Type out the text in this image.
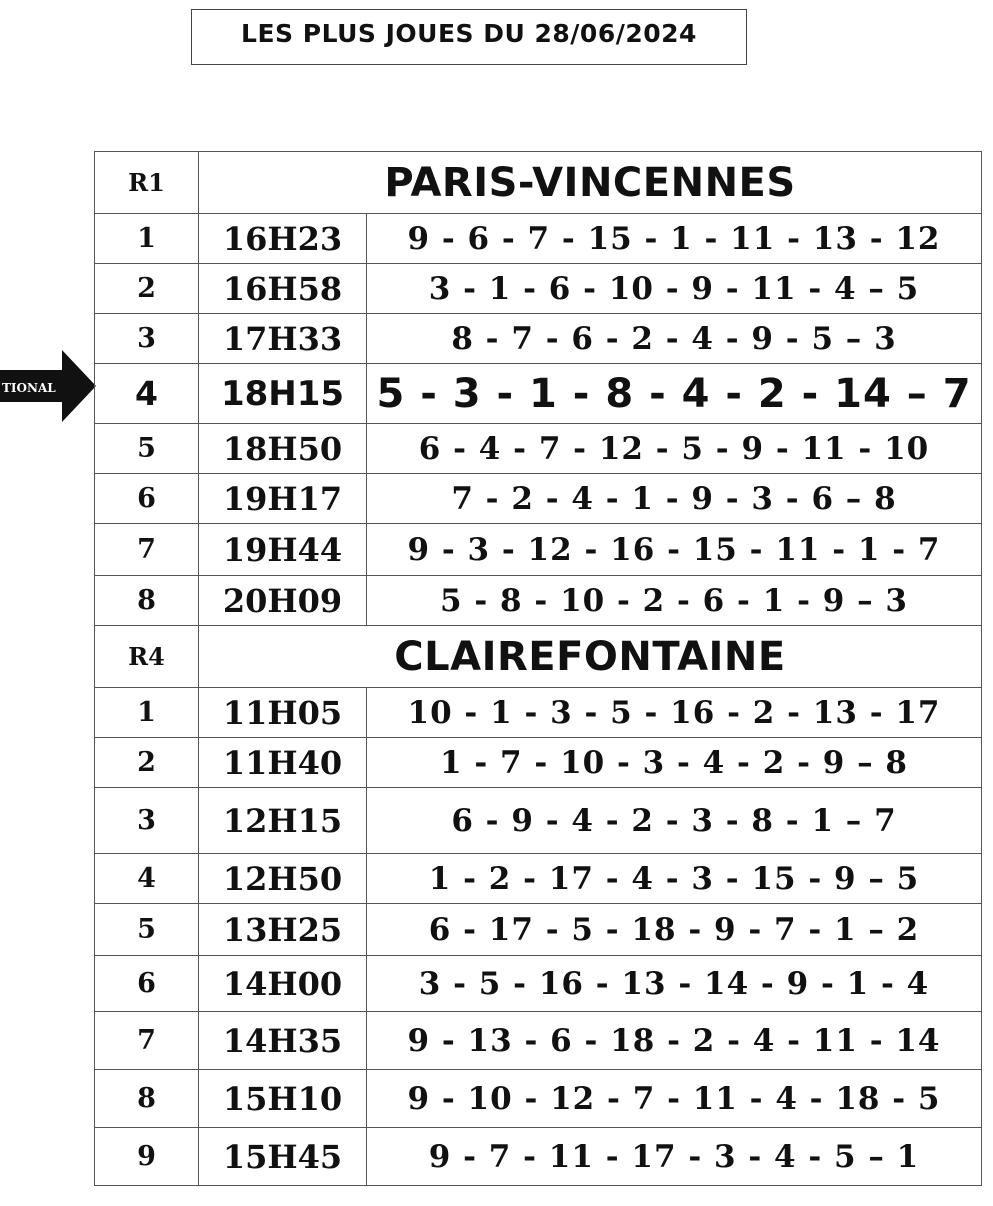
LES PLUS JOUES DU 28/06/2024
TIONAL
R1	PARIS-VINCENNES	
1	16H23	9 - 6 - 7 - 15 - 1 - 11 - 13 - 12
2	16H58	3 - 1 - 6 - 10 - 9 - 11 - 4 – 5
3	17H33	8 - 7 - 6 - 2 - 4 - 9 - 5 – 3
4	18H15	5 - 3 - 1 - 8 - 4 - 2 - 14 – 7
5	18H50	6 - 4 - 7 - 12 - 5 - 9 - 11 - 10
6	19H17	7 - 2 - 4 - 1 - 9 - 3 - 6 – 8
7	19H44	9 - 3 - 12 - 16 - 15 - 11 - 1 - 7
8	20H09	5 - 8 - 10 - 2 - 6 - 1 - 9 – 3
R4	CLAIREFONTAINE	
1	11H05	10 - 1 - 3 - 5 - 16 - 2 - 13 - 17
2	11H40	1 - 7 - 10 - 3 - 4 - 2 - 9 – 8
3	12H15	6 - 9 - 4 - 2 - 3 - 8 - 1 – 7
4	12H50	1 - 2 - 17 - 4 - 3 - 15 - 9 – 5
5	13H25	6 - 17 - 5 - 18 - 9 - 7 - 1 – 2
6	14H00	3 - 5 - 16 - 13 - 14 - 9 - 1 - 4
7	14H35	9 - 13 - 6 - 18 - 2 - 4 - 11 - 14
8	15H10	9 - 10 - 12 - 7 - 11 - 4 - 18 - 5
9	15H45	9 - 7 - 11 - 17 - 3 - 4 - 5 – 1
